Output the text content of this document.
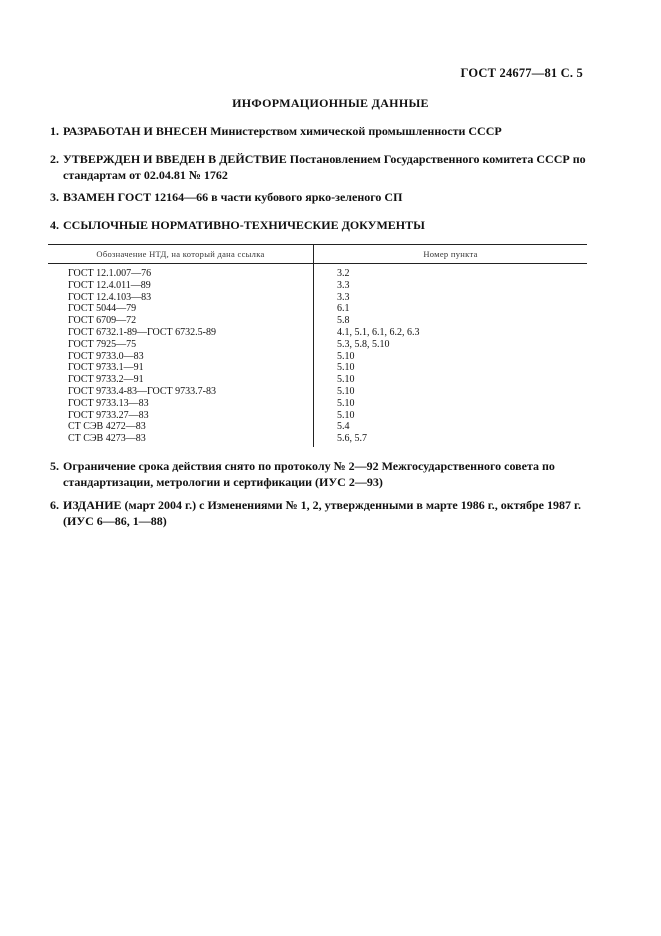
ГОСТ 24677—81 С. 5
ИНФОРМАЦИОННЫЕ ДАННЫЕ
1. РАЗРАБОТАН И ВНЕСЕН Министерством химической промышленности СССР
2. УТВЕРЖДЕН И ВВЕДЕН В ДЕЙСТВИЕ Постановлением Государственного комитета СССР по стандартам от 02.04.81 № 1762
3. ВЗАМЕН ГОСТ 12164—66 в части кубового ярко-зеленого СП
4. ССЫЛОЧНЫЕ НОРМАТИВНО-ТЕХНИЧЕСКИЕ ДОКУМЕНТЫ
Обозначение НТД, на который дана ссылка	Номер пункта
ГОСТ 12.1.007—76
ГОСТ 12.4.011—89
ГОСТ 12.4.103—83
ГОСТ 5044—79
ГОСТ 6709—72
ГОСТ 6732.1-89—ГОСТ 6732.5-89
ГОСТ 7925—75
ГОСТ 9733.0—83
ГОСТ 9733.1—91
ГОСТ 9733.2—91
ГОСТ 9733.4-83—ГОСТ 9733.7-83
ГОСТ 9733.13—83
ГОСТ 9733.27—83
СТ СЭВ 4272—83
СТ СЭВ 4273—83
3.2
3.3
3.3
6.1
5.8
4.1, 5.1, 6.1, 6.2, 6.3
5.3, 5.8, 5.10
5.10
5.10
5.10
5.10
5.10
5.10
5.4
5.6, 5.7
5. Ограничение срока действия снято по протоколу № 2—92 Межгосударственного совета по стандартизации, метрологии и сертификации (ИУС 2—93)
6. ИЗДАНИЕ (март 2004 г.) с Изменениями № 1, 2, утвержденными в марте 1986 г., октябре 1987 г. (ИУС 6—86, 1—88)
